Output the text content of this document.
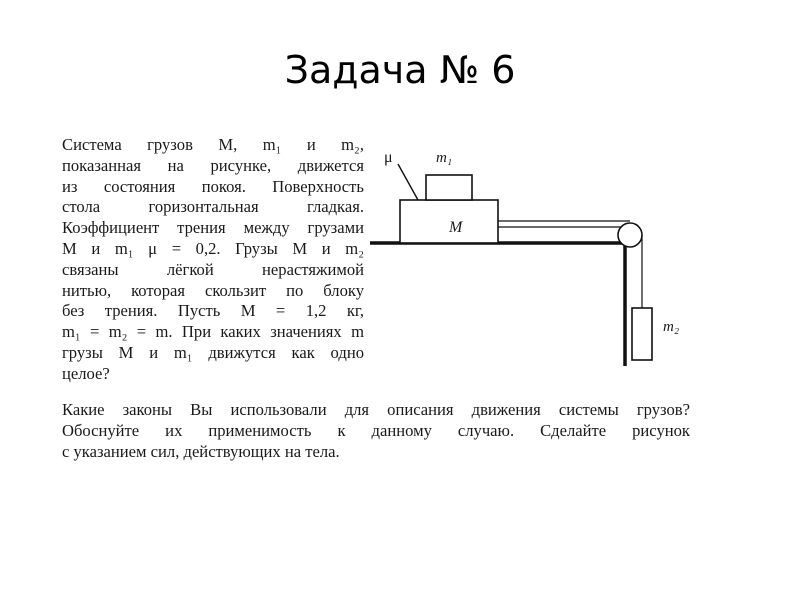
Задача № 6
Система грузов M, m₁ и m₂,
показанная на рисунке, движется
из состояния покоя. Поверхность
стола горизонтальная гладкая.
Коэффициент трения между грузами
M и m₁ μ = 0,2. Грузы M и m₂
связаны лёгкой нерастяжимой
нитью, которая скользит по блоку
без трения. Пусть M = 1,2 кг,
m₁ = m₂ = m. При каких значениях m
грузы M и m₁ движутся как одно
целое?
Какие законы Вы использовали для описания движения системы грузов?
Обоснуйте их применимость к данному случаю. Сделайте рисунок
с указанием сил, действующих на тела.
μ	m₁
M
m₂
